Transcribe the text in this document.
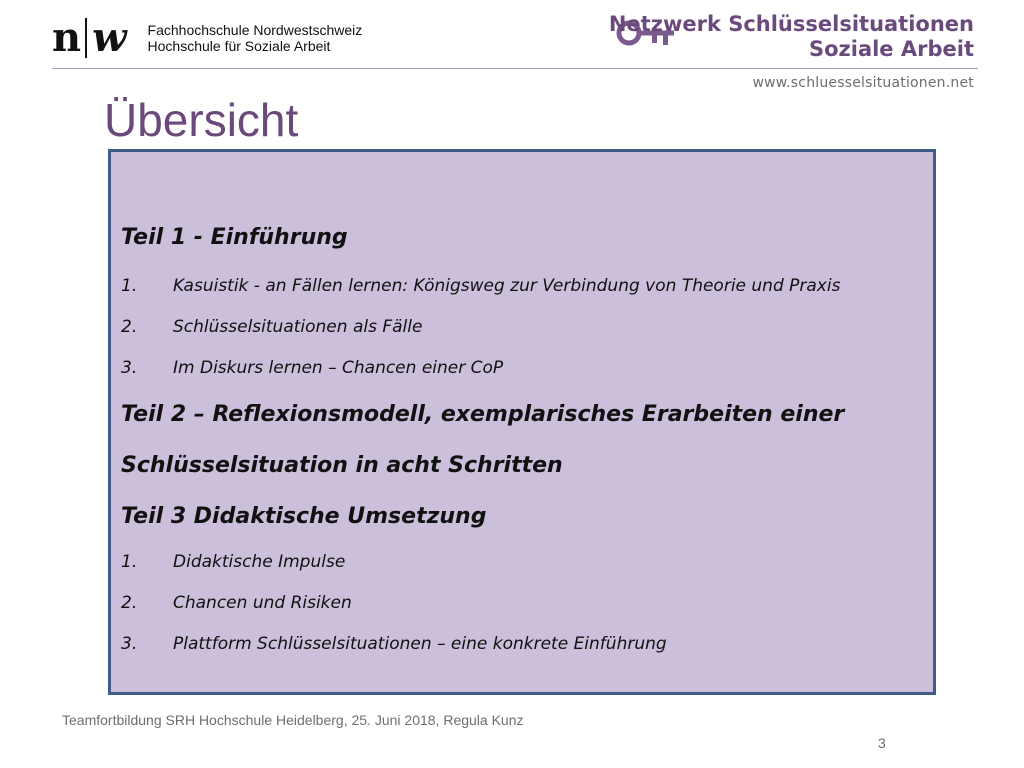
n w Fachhochschule Nordwestschweiz
Hochschule für Soziale Arbeit
Netzwerk Schlüsselsituationen
Soziale Arbeit
www.schluesselsituationen.net
Übersicht
Teil 1 - Einführung
1.	Kasuistik - an Fällen lernen: Königsweg zur Verbindung von Theorie und Praxis
2.	Schlüsselsituationen als Fälle
3.	Im Diskurs lernen – Chancen einer CoP
Teil 2 – Reflexionsmodell, exemplarisches Erarbeiten einer
Schlüsselsituation in acht Schritten
Teil 3 Didaktische Umsetzung
1.	Didaktische Impulse
2.	Chancen und Risiken
3.	Plattform Schlüsselsituationen – eine konkrete Einführung
Teamfortbildung SRH Hochschule Heidelberg, 25. Juni 2018, Regula Kunz
3
